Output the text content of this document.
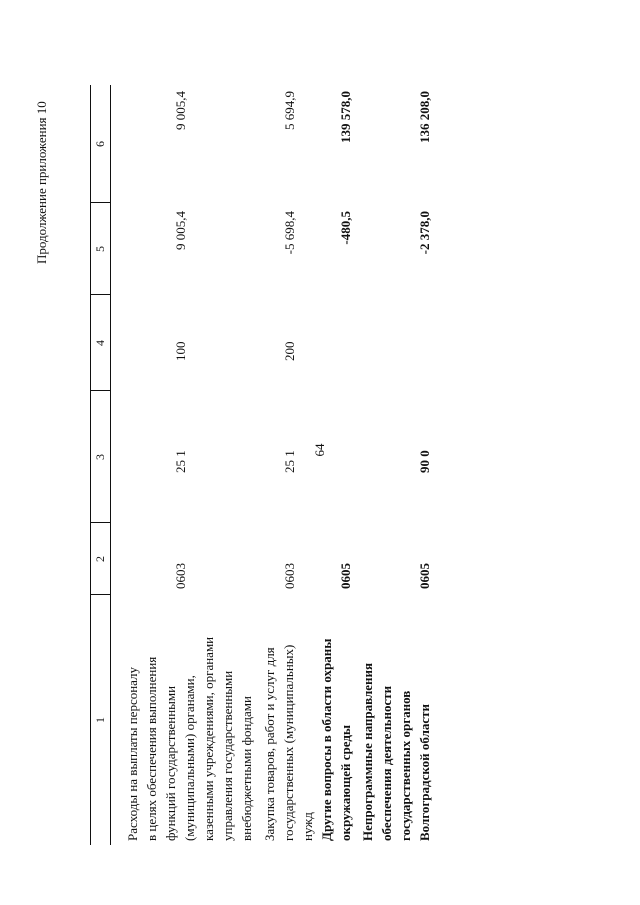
64
Продолжение приложения 10
1
2
3
4
5
6
Расходы на выплаты персоналу в целях обеспечения выполнения функций государственными (муниципальными) органами, казенными учреждениями, органами управления государственными внебюджетными фондами
0603
25 1
100
9 005,4
9 005,4
Закупка товаров, работ и услуг для государственных (муниципальных) нужд
0603
25 1
200
-5 698,4
5 694,9
Другие вопросы в области охраны окружающей среды
0605
-480,5
139 578,0
Непрограммные направления обеспечения деятельности государственных органов Волгоградской области
0605
90 0
-2 378,0
136 208,0
